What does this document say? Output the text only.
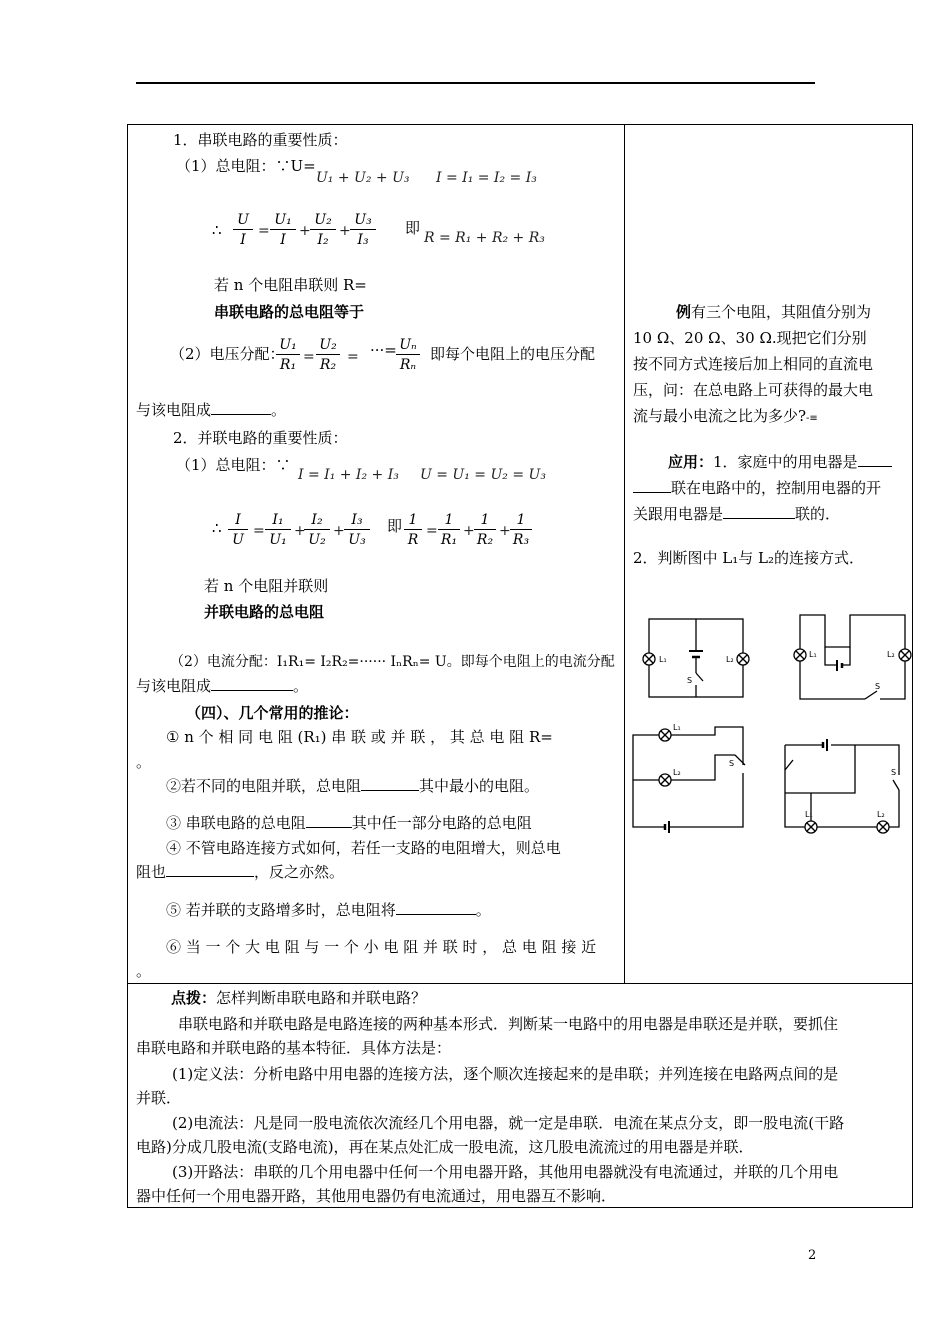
1．串联电路的重要性质：
（1）总电阻：∵U=
U₁ + U₂ + U₃ I = I₁ = I₂ = I₃
∴ $\frac{U}{I} = \frac{\text{U₁}}{I} + \frac{\text{U₂}}{\text{I₂}} + \frac{\text{U₃}}{\text{I₃}}$ 即
R = R₁ + R₂ + R₃
若 n 个电阻串联则 R=
串联电路的总电阻等于
（2）电压分配：
$\frac{\text{U₁}}{\text{R₁}} = \frac{\text{U₂}}{\text{R₂}}$ = ···= $\frac{\text{Uₙ}}{\text{Rₙ}}$ 即每个电阻上的电压分配
与该电阻成	。
2．并联电路的重要性质：
（1）总电阻：∵
I = I₁ + I₂ + I₃ U = U₁ = U₂ = U₃
∴ $\frac{I}{U} = \frac{\text{I₁}}{\text{U₁}}$ +
$\frac{\text{I₂}}{\text{U₂}} + \frac{\text{I₃}}{\text{U₃}}$ 即 $\frac{1}{R} = \frac{1}{\text{R₁}} + \frac{1}{\text{R₂}} + \frac{1}{\text{R₃}}$
若 n 个电阻并联则
并联电路的总电阻
（2）电流分配：I₁R₁= I₂R₂=······ IₙRₙ= U。即每个电阻上的电流分配
与该电阻成	。
（四）、几个常用的推论：
① n 个 相 同 电 阻 (R₁) 串 联 或 并 联 ， 其 总 电 阻 R=
。
②若不同的电阻并联，总电阻	其中最小的电阻。
③ 串联电路的总电阻	其中任一部分电路的总电阻
④ 不管电路连接方式如何，若任一支路的电阻增大，则总电
阻也	，反之亦然。
⑤ 若并联的支路增多时，总电阻将	。
⑥ 当 一 个 大 电 阻 与 一 个 小 电 阻 并 联 时 ， 总 电 阻 接 近
。
例有三个电阻，其阻值分别为
10 Ω、20 Ω、30 Ω.现把它们分别
按不同方式连接后加上相同的直流电
压，问：在总电路上可获得的最大电
流与最小电流之比为多少?-≡
应用：1．家庭中的用电器是
联在电路中的，控制用电器的开
关跟用电器是	联的．
2．判断图中 L₁与 L₂的连接方式．
L₁	L₂
S
L₁	L₂
S
L₁
L₂
S
L₁	L₂
S
点拨：怎样判断串联电路和并联电路？
串联电路和并联电路是电路连接的两种基本形式．判断某一电路中的用电器是串联还是并联，要抓住
串联电路和并联电路的基本特征．具体方法是：
(1)定义法：分析电路中用电器的连接方法，逐个顺次连接起来的是串联；并列连接在电路两点间的是
并联．
(2)电流法：凡是同一股电流依次流经几个用电器，就一定是串联．电流在某点分支，即一股电流(干路
电路)分成几股电流(支路电流)，再在某点处汇成一股电流，这几股电流流过的用电器是并联．
(3)开路法：串联的几个用电器中任何一个用电器开路，其他用电器就没有电流通过，并联的几个用电
器中任何一个用电器开路，其他用电器仍有电流通过，用电器互不影响．
2
